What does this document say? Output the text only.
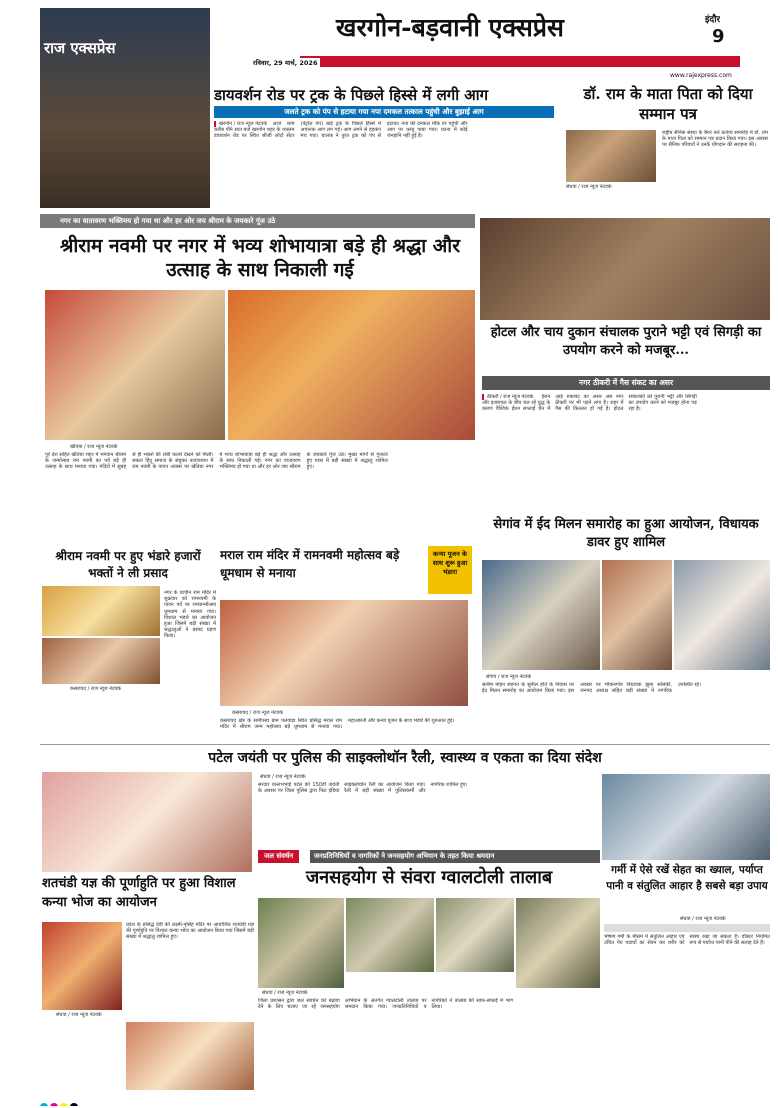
राज एक्सप्रेस
खरगोन-बड़वानी एक्सप्रेस	इंदौर
9
रविवार, 29 मार्च, 2026
www.rajexpress.com
डायवर्शन रोड पर ट्रक के पिछले हिस्से में लगी आग
जलते ट्रक को पंप से हटाया गया नपा दमकल तत्काल पहुंची और बुझाई आग
खरगोन / राज न्यूज नेटवर्क आज शाम करीब पौने सात बजे खरगोन शहर के व्यस्तम डायवर्शन रोड पर स्थित श्रीजी ऑटो सेंटर (पेट्रोल पंप) खड़े ट्रक के पिछले हिस्से में अचानक आग लग गई। आग लगने से हड़कंप मच गया। चालक ने तुरंत ट्रक को पंप से हटाया। नपा की दमकल मौके पर पहुंची और आग पर काबू पाया गया। घटना में कोई जनहानि नहीं हुई है।
डॉ. राम के माता पिता को दिया सम्मान पत्र
सेंधवा / राज न्यूज नेटवर्क
राष्ट्रीय सैनिक संस्था के बैनर तले कर्तव्य समारोह में डॉ. राम के माता पिता को सम्मान पत्र प्रदान किया गया। इस अवसर पर सैनिक परिवारों ने उनके योगदान की सराहना की।
नगर का वातावरण भक्तिमय हो गया था और हर ओर जय श्रीराम के जयकारे गूंज उठे
श्रीराम नवमी पर नगर में भव्य शोभायात्रा बड़े ही श्रद्धा और उत्साह के साथ निकाली गई
खेतिया / राज न्यूज नेटवर्क
पूरे देश सहित खेतिया शहर में भगवान श्रीराम के जन्मोत्सव राम नवमी का पर्व बड़े ही उत्साह के साथ मनाया गया। मंदिरों में सुबह से ही भक्तों की लंबी कतारें देखने को मिलीं। सकल हिंदू समाज के संयुक्त तत्वावधान में राम नवमी के पावन अवसर पर खेतिया नगर में भव्य शोभायात्रा बड़े ही श्रद्धा और उत्साह के साथ निकाली गई। नगर का वातावरण भक्तिमय हो गया था और हर ओर जय श्रीराम के जयकारे गूंज उठे। मुख्य मार्गों से गुजरते हुए यात्रा में बड़ी संख्या में श्रद्धालु शामिल हुए।
होटल और चाय दुकान संचालक पुराने भट्टी एवं सिगड़ी का उपयोग करने को मजबूर...
नगर ठीकरी में गैस संकट का असर
ठीकरी / राज न्यूज नेटवर्क ईरान और इजरायल के बीच चल रहे युद्ध के कारण वैश्विक ईंधन सप्लाई चेन में आई रुकावट का असर अब नगर ठीकरी पर भी पड़ने लगा है। शहर में गैस की किल्लत हो गई है। होटल संचालकों को पुरानी भट्टी और सिगड़ी का उपयोग करने को मजबूर होना पड़ रहा है।
सेगांव में ईद मिलन समारोह का हुआ आयोजन, विधायक डावर हुए शामिल
सेगांव / राज न्यूज नेटवर्क
सलीम मोहन स्वागत के सुनील होते के निवास पर ईद मिलन समारोह का आयोजन किया गया। इस अवसर पर भीकनगांव विधायक झूमा सोलंकी, जनपद अध्यक्ष सहित बड़ी संख्या में नागरिक उपस्थित रहे।
श्रीराम नवमी पर हुए भंडारे हजारों भक्तों ने ली प्रसाद
कसरावद / राज न्यूज नेटवर्क
नगर के प्राचीन राम मंदिर में शुक्रवार को रामनवमी के पावन पर्व पर रामजन्मोत्सव धूमधाम से मनाया गया। विशाल भंडारे का आयोजन हुआ जिसमें बड़ी संख्या में श्रद्धालुओं ने प्रसाद ग्रहण किया।
मराल राम मंदिर में रामनवमी महोत्सव बड़े धूमधाम से मनाया
कन्या पूजन के साथ शुरू हुआ भंडारा
कसरावद / राज न्यूज नेटवर्क
कसरावद क्षेत्र के समीपस्थ ग्राम पलवाड़ा स्थित प्रसिद्ध मराल राम मंदिर में श्रीराम जन्म महोत्सव बड़े धूमधाम से मनाया गया। महाआरती और कन्या पूजन के साथ भंडारे की शुरुआत हुई।
पटेल जयंती पर पुलिस की साइक्लोथॉन रैली, स्वास्थ्य व एकता का दिया संदेश
सेंधवा / राज न्यूज नेटवर्क
सरदार वल्लभभाई पटेल की 150वीं जयंती के अवसर पर जिला पुलिस द्वारा फिट इंडिया साइक्लोथॉन रैली का आयोजन किया गया। रैली में बड़ी संख्या में पुलिसकर्मी और नागरिक शामिल हुए।
जल संवर्धन	जनप्रतिनिधियों व नागरिकों ने जनसहयोग अभियान के तहत किया श्रमदान
जनसहयोग से संवरा ग्वालटोली तालाब	गर्मी में ऐसे रखें सेहत का ख्याल, पर्याप्त पानी व संतुलित आहार है सबसे बड़ा उपाय
सेंधवा / राज न्यूज नेटवर्क
भीषण गर्मी के मौसम में संतुलित आहार एवं उचित पेय पदार्थों का सेवन कर शरीर को स्वस्थ रखा जा सकता है। डॉक्टर नियमित रूप से पर्याप्त पानी पीने की सलाह देते हैं।
शतचंडी यज्ञ की पूर्णाहुति पर हुआ विशाल कन्या भोज का आयोजन
सेंधवा / राज न्यूज नेटवर्क
प्रदेश के प्रसिद्ध देवी की लक्ष्मी-नृसिंह मंदिर पर आयोजित शतचंडी यज्ञ की पूर्णाहुति पर विशाल कन्या भोज का आयोजन किया गया जिसमें बड़ी संख्या में श्रद्धालु शामिल हुए।
सेंधवा / राज न्यूज नेटवर्क
जिला प्रशासन द्वारा जल संवर्धन को बढ़ावा देने के लिए चलाए जा रहे जनसहयोग अभियान के अंतर्गत ग्वालटोली तालाब पर श्रमदान किया गया। जनप्रतिनिधियों व नागरिकों ने तालाब की साफ-सफाई में भाग लिया।
